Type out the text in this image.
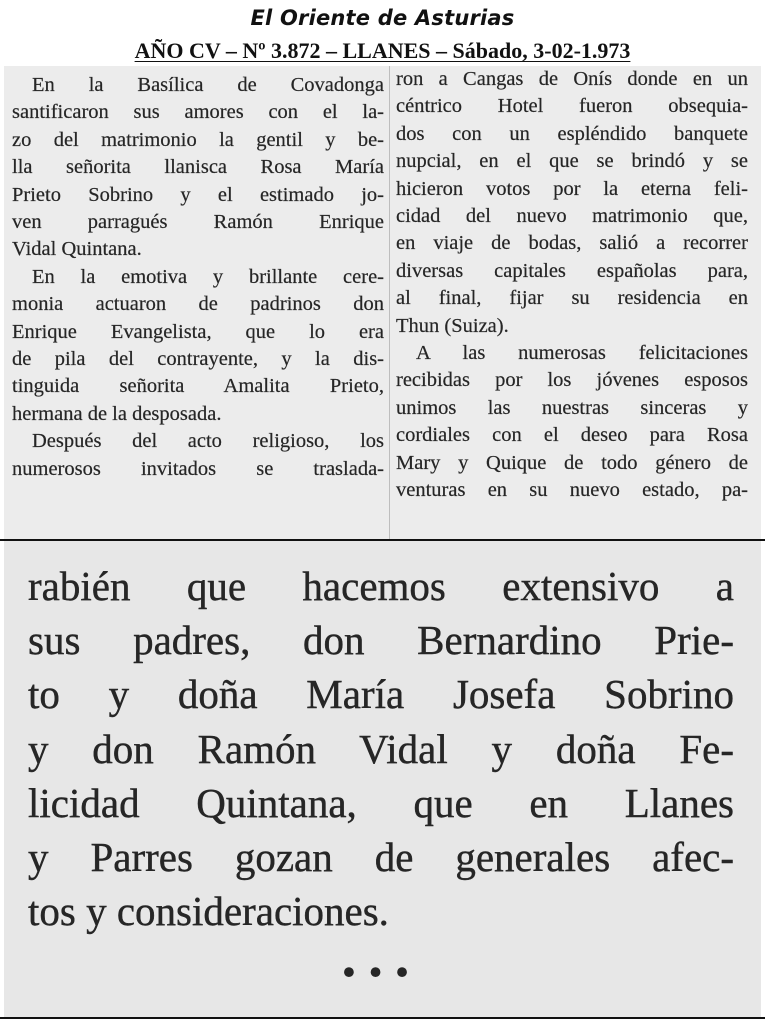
El Oriente de Asturias
AÑO CV – Nº 3.872 – LLANES – Sábado, 3-02-1.973
En la Basílica de Covadonga
santificaron sus amores con el la-
zo del matrimonio la gentil y be-
lla señorita llanisca Rosa María
Prieto Sobrino y el estimado jo-
ven parragués Ramón Enrique
Vidal Quintana.
En la emotiva y brillante cere-
monia actuaron de padrinos don
Enrique Evangelista, que lo era
de pila del contrayente, y la dis-
tinguida señorita Amalita Prieto,
hermana de la desposada.
Después del acto religioso, los
numerosos invitados se traslada-
ron a Cangas de Onís donde en un
céntrico Hotel fueron obsequia-
dos con un espléndido banquete
nupcial, en el que se brindó y se
hicieron votos por la eterna feli-
cidad del nuevo matrimonio que,
en viaje de bodas, salió a recorrer
diversas capitales españolas para,
al final, fijar su residencia en
Thun (Suiza).
A las numerosas felicitaciones
recibidas por los jóvenes esposos
unimos las nuestras sinceras y
cordiales con el deseo para Rosa
Mary y Quique de todo género de
venturas en su nuevo estado, pa-
rabién que hacemos extensivo a
sus padres, don Bernardino Prie-
to y doña María Josefa Sobrino
y don Ramón Vidal y doña Fe-
licidad Quintana, que en Llanes
y Parres gozan de generales afec-
tos y consideraciones.
•••
